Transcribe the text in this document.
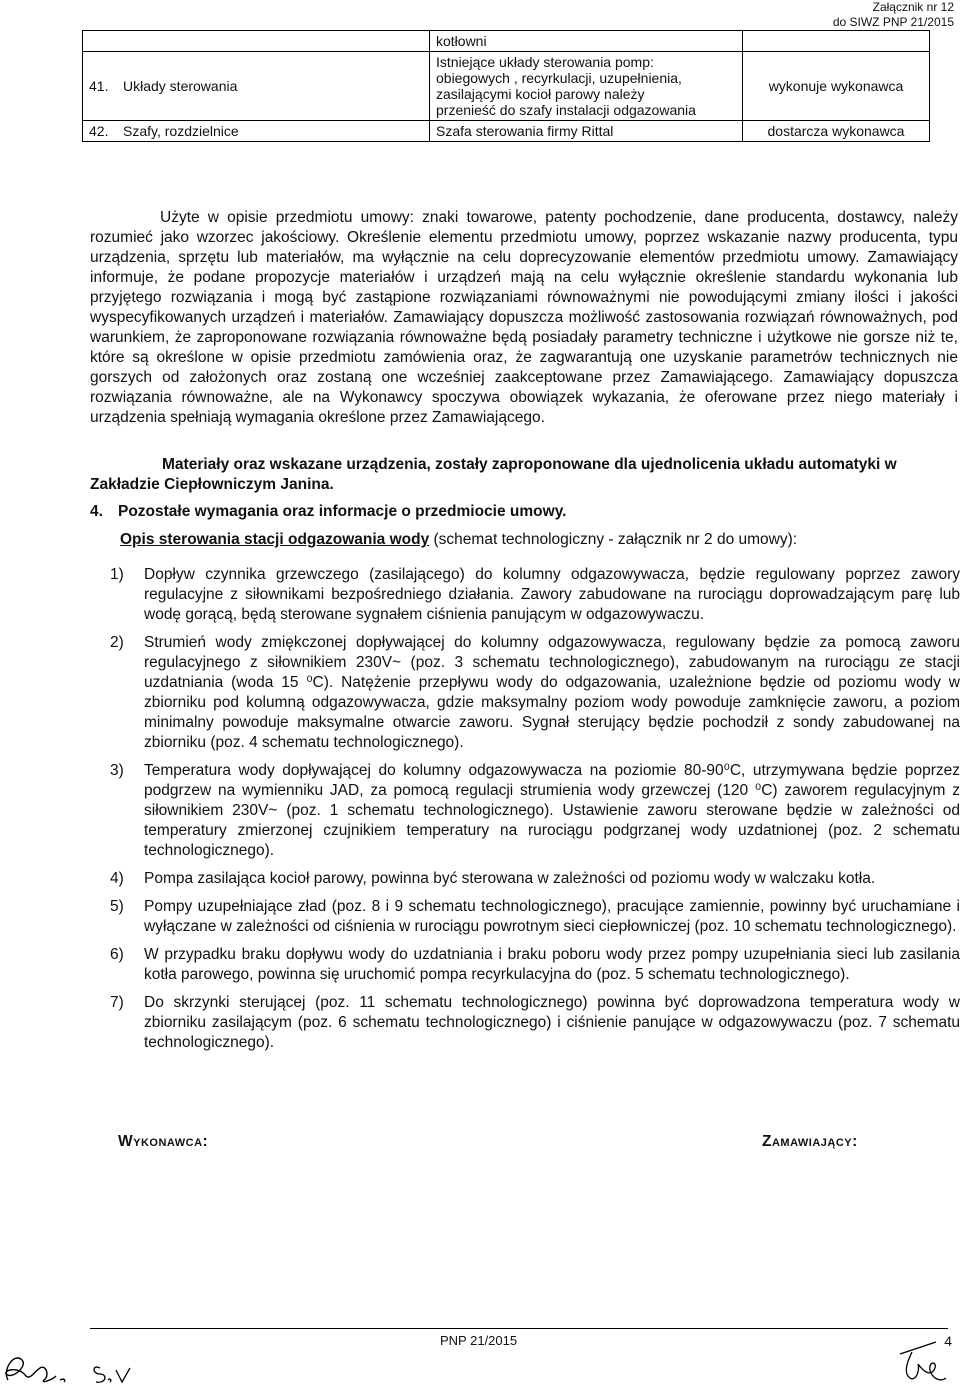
Załącznik nr 12
do SIWZ PNP 21/2015
		kotłowni	
41.	Układy sterowania	Istniejące układy sterowania pomp:
obiegowych , recyrkulacji, uzupełnienia,
zasilającymi kocioł parowy należy
przenieść do szafy instalacji odgazowania	wykonuje wykonawca
42.	Szafy, rozdzielnice	Szafa sterowania firmy Rittal	dostarcza wykonawca
Użyte w opisie przedmiotu umowy: znaki towarowe, patenty pochodzenie, dane producenta, dostawcy, należy rozumieć jako wzorzec jakościowy. Określenie elementu przedmiotu umowy, poprzez wskazanie nazwy producenta, typu urządzenia, sprzętu lub materiałów, ma wyłącznie na celu doprecyzowanie elementów przedmiotu umowy. Zamawiający informuje, że podane propozycje materiałów i urządzeń mają na celu wyłącznie określenie standardu wykonania lub przyjętego rozwiązania i mogą być zastąpione rozwiązaniami równoważnymi nie powodującymi zmiany ilości i jakości wyspecyfikowanych urządzeń i materiałów. Zamawiający dopuszcza możliwość zastosowania rozwiązań równoważnych, pod warunkiem, że zaproponowane rozwiązania równoważne będą posiadały parametry techniczne i użytkowe nie gorsze niż te, które są określone w opisie przedmiotu zamówienia oraz, że zagwarantują one uzyskanie parametrów technicznych nie gorszych od założonych oraz zostaną one wcześniej zaakceptowane przez Zamawiającego. Zamawiający dopuszcza rozwiązania równoważne, ale na Wykonawcy spoczywa obowiązek wykazania, że oferowane przez niego materiały i urządzenia spełniają wymagania określone przez Zamawiającego.
Materiały oraz wskazane urządzenia, zostały zaproponowane dla ujednolicenia układu automatyki w Zakładzie Ciepłowniczym Janina.
4. Pozostałe wymagania oraz informacje o przedmiocie umowy.
Opis sterowania stacji odgazowania wody (schemat technologiczny - załącznik nr 2 do umowy):
1) Dopływ czynnika grzewczego (zasilającego) do kolumny odgazowywacza, będzie regulowany poprzez zawory regulacyjne z siłownikami bezpośredniego działania. Zawory zabudowane na rurociągu doprowadzającym parę lub wodę gorącą, będą sterowane sygnałem ciśnienia panującym w odgazowywaczu.
2) Strumień wody zmiękczonej dopływającej do kolumny odgazowywacza, regulowany będzie za pomocą zaworu regulacyjnego z siłownikiem 230V~ (poz. 3 schematu technologicznego), zabudowanym na rurociągu ze stacji uzdatniania (woda 15 ⁰C). Natężenie przepływu wody do odgazowania, uzależnione będzie od poziomu wody w zbiorniku pod kolumną odgazowywacza, gdzie maksymalny poziom wody powoduje zamknięcie zaworu, a poziom minimalny powoduje maksymalne otwarcie zaworu. Sygnał sterujący będzie pochodził z sondy zabudowanej na zbiorniku (poz. 4 schematu technologicznego).
3) Temperatura wody dopływającej do kolumny odgazowywacza na poziomie 80-90⁰C, utrzymywana będzie poprzez podgrzew na wymienniku JAD, za pomocą regulacji strumienia wody grzewczej (120 ⁰C) zaworem regulacyjnym z siłownikiem 230V~ (poz. 1 schematu technologicznego). Ustawienie zaworu sterowane będzie w zależności od temperatury zmierzonej czujnikiem temperatury na rurociągu podgrzanej wody uzdatnionej (poz. 2 schematu technologicznego).
4) Pompa zasilająca kocioł parowy, powinna być sterowana w zależności od poziomu wody w walczaku kotła.
5) Pompy uzupełniające zład (poz. 8 i 9 schematu technologicznego), pracujące zamiennie, powinny być uruchamiane i wyłączane w zależności od ciśnienia w rurociągu powrotnym sieci ciepłowniczej (poz. 10 schematu technologicznego).
6) W przypadku braku dopływu wody do uzdatniania i braku poboru wody przez pompy uzupełniania sieci lub zasilania kotła parowego, powinna się uruchomić pompa recyrkulacyjna do (poz. 5 schematu technologicznego).
7) Do skrzynki sterującej (poz. 11 schematu technologicznego) powinna być doprowadzona temperatura wody w zbiorniku zasilającym (poz. 6 schematu technologicznego) i ciśnienie panujące w odgazowywaczu (poz. 7 schematu technologicznego).
Wykonawca:	Zamawiający:
PNP 21/2015	4
